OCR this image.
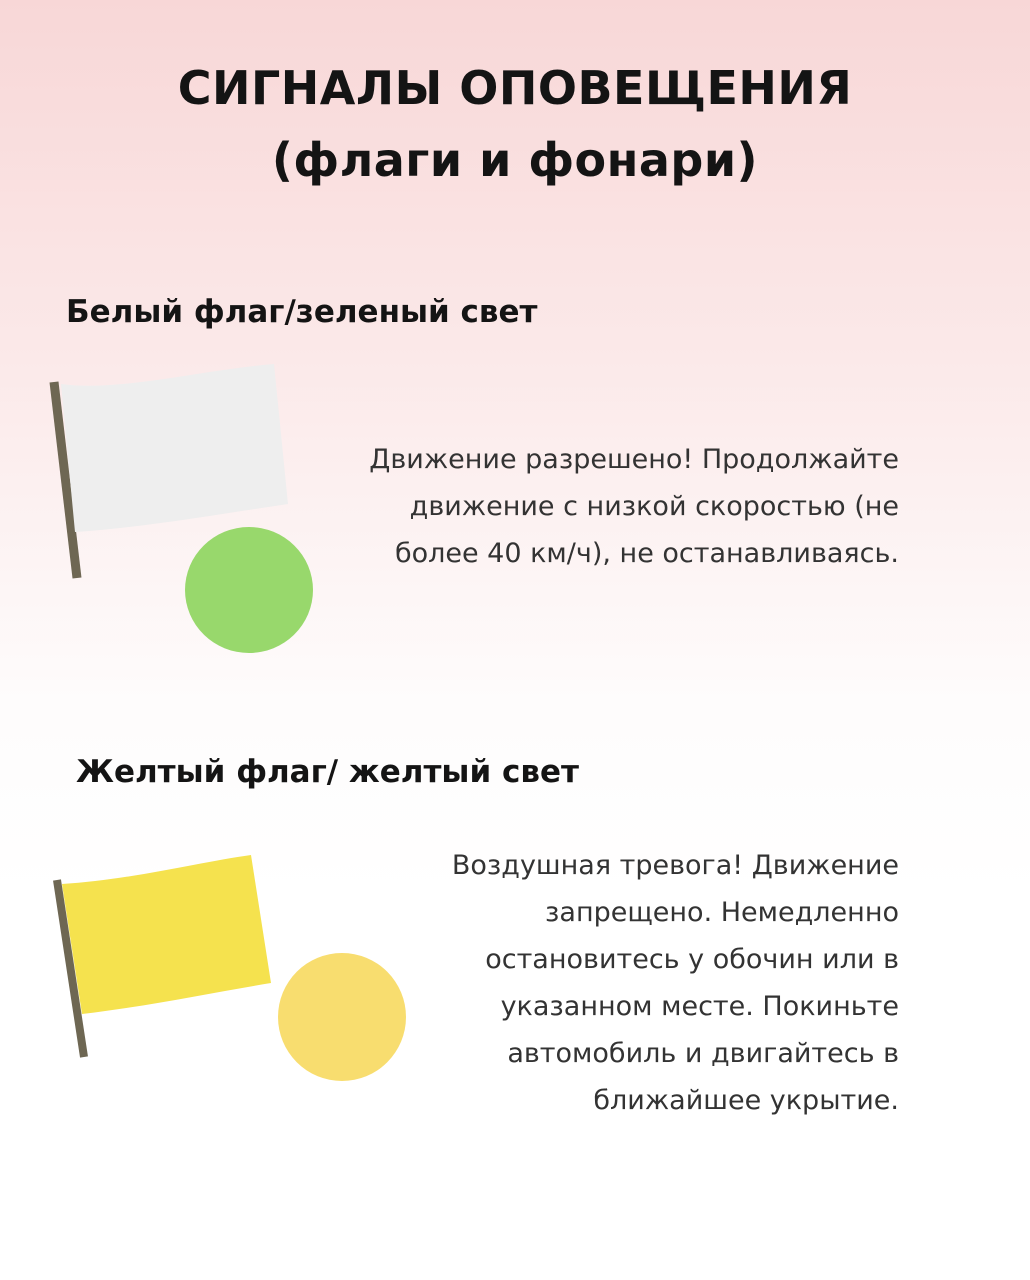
СИГНАЛЫ ОПОВЕЩЕНИЯ
(флаги и фонари)
Белый флаг/зеленый свет
Движение разрешено! Продолжайте
движение с низкой скоростью (не
более 40 км/ч), не останавливаясь.
Желтый флаг/ желтый свет
Воздушная тревога! Движение
запрещено. Немедленно
остановитесь у обочин или в
указанном месте. Покиньте
автомобиль и двигайтесь в
ближайшее укрытие.
